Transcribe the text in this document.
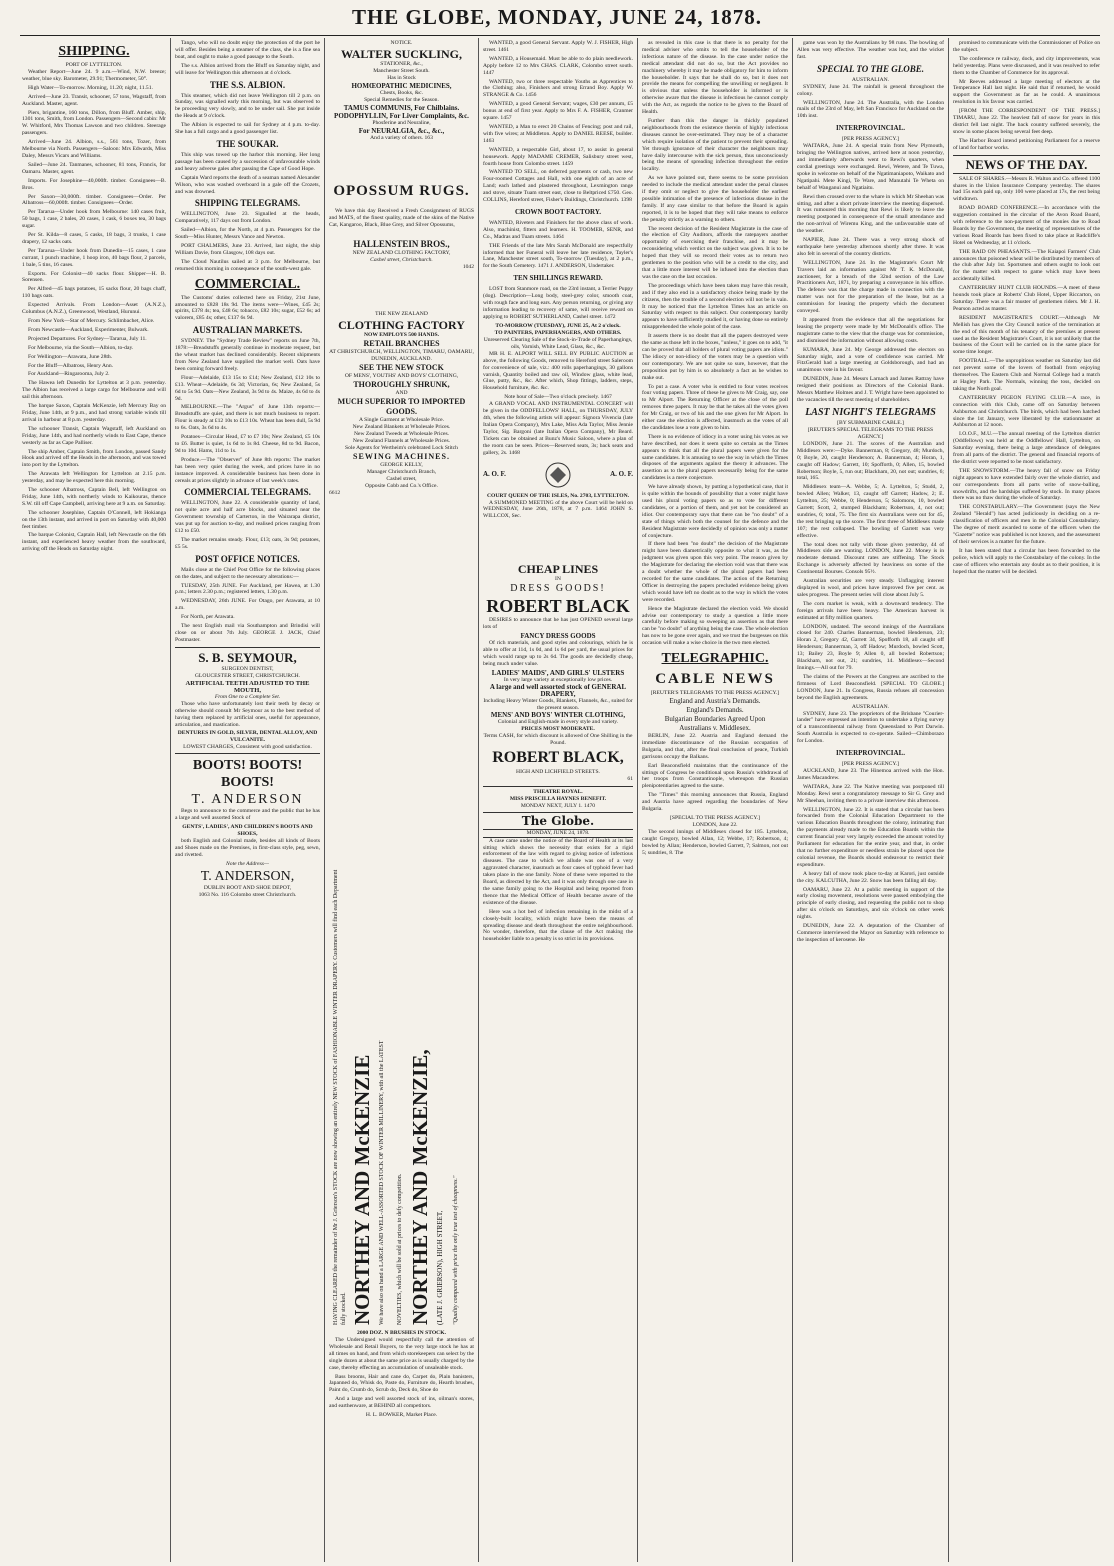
THE GLOBE, MONDAY, JUNE 24, 1878.
SHIPPING.
PORT OF LYTTELTON.

Weather Report—June 24. 9 a.m.—Wind, N.W. breeze; weather, blue sky. Barometer, 29.91; Thermometer, 50°.

High Water—To-morrow. Morning, 11.20; night, 11.51.

Arrived—June 23. Transit, schooner, 57 tons, Wagstaff, from Auckland. Master, agent.

Piers, brigantine, 160 tons, Dillon, from Bluff. Amber, ship, 1301 tons, Smith, from London. Passengers—Second cabin: Mr W. Whitford, Mrs Thomas Lawson and two children. Steerage passengers.

Arrived—June 24. Albion, s.s., 561 tons, Tozer, from Melbourne via North. Passengers—Saloon: Mrs Edwards, Miss Daley, Messrs Vicars and Williams.

Sailed—June 24. Tanmanes, schooner, 81 tons, Francis, for Oamaru. Master, agent.

Imports. For Josephine—40,000ft. timber. Consignees—B. Bros.

Per Saxon—30,000ft. timber. Consignees—Order. Per Albatross—60,000ft. timber. Consignees—Order.

Per Tararua—Under hook from Melbourne: 140 cases fruit, 50 bags, 1 case, 2 bales, 20 cases, 1 cask, 6 boxes tea, 30 bags sugar.

Per St. Kilda—8 cases, 5 casks, 18 bags, 3 trunks, 1 case drapery, 12 sacks oats.

Per Tararua—Under hook from Dunedin—15 cases, 1 case currant, 1 punch machine, 1 hoop iron, 40 bags flour, 2 parcels, 1 bale, 5 tins, 16 cases.

Exports. For Colonist—40 sacks flour. Shipper—H. B. Sorensen.

Per Alfred—45 bags potatoes, 15 sacks flour, 20 bags chaff, 110 bags oats.

Expected Arrivals. From London—Asset (A.N.Z.), Columbus (A.N.Z.), Greenwood, Westland, Hurunui.

From New York—Star of Mercury. Schlimbachet, Alice.

From Newcastle—Auckland, Experimenter, Bulwark.

Projected Departures. For Sydney—Tararua, July 11.

For Melbourne, via the South—Albion, to-day.

For Wellington—Arawata, June 28th.

For the Bluff—Albatross, Henry Ann.

For Auckland—Ringarooma, July 2.

The Hawea left Dunedin for Lyttelton at 3 p.m. yesterday. The Albion has received a large cargo for Melbourne and will sail this afternoon.

The barque Saxon, Captain McKenzie, left Mercury Bay on Friday, June 14th, at 9 p.m., and had strong variable winds till arrival in harbour at 8 p.m. yesterday.

The schooner Transit, Captain Wagstaff, left Auckland on Friday, June 14th, and had northerly winds to East Cape, thence westerly as far as Cape Palliser.

The ship Amber, Captain Smith, from London, passed Sandy Hook and arrived off the Heads in the afternoon, and was towed into port by the Lyttelton.

The Arawata left Wellington for Lyttelton at 2.15 p.m. yesterday, and may be expected here this morning.

The schooner Albatross, Captain Bell, left Wellington on Friday, June 14th, with northerly winds to Kaikouras, thence S.W. till off Cape Campbell, arriving here at 9 a.m. on Saturday.

The schooner Josephine, Captain O'Connell, left Hokianga on the 13th instant, and arrived in port on Saturday with 40,000 feet timber.

The barque Colonist, Captain Hall, left Newcastle on the 6th instant, and experienced heavy weather from the southward, arriving off the Heads on Saturday night.

Tango, who will no doubt enjoy the protection of the port he will offer. Besides being a steamer of the class, she is a fine sea boat, and ought to make a good passage to the South.

The s.s. Albion arrived from the Bluff on Saturday night, and will leave for Wellington this afternoon at 4 o'clock.

THE S.S. ALBION.

This steamer, which did not leave Wellington till 2 p.m. on Sunday, was signalled early this morning, but was observed to be proceeding very slowly, and to be under sail. She put inside the Heads at 9 o'clock.

The Albion is expected to sail for Sydney at 4 p.m. to-day. She has a full cargo and a good passenger list.

THE SOUKAR.

This ship was towed up the harbor this morning. Her long passage has been caused by a succession of unfavourable winds and heavy adverse gales after passing the Cape of Good Hope.

Captain Ward reports the death of a seaman named Alexander Wilson, who was washed overboard in a gale off the Crozets, and was drowned.

SHIPPING TELEGRAMS.

WELLINGTON, June 23. Signalled at the heads, Comparatively, 117 days out from London.

Sailed—Albion, for the North, at 4 p.m. Passengers for the South—Miss Hunter, Messrs Vance and Newton.

PORT CHALMERS, June 23. Arrived, last night, the ship William Davie, from Glasgow, 108 days out.

The Cloud Nautilus sailed at 3 p.m. for Melbourne, but returned this morning in consequence of the south-west gale.

COMMERCIAL.

The Customs' duties collected here on Friday, 21st June, amounted to £828 18s 9d. The items were—Wines, £45 2s; spirits, £378 4s; tea, £48 6s; tobacco, £82 10s; sugar, £52 6s; ad valorem, £85 4s; other, £137 6s 9d.

AUSTRALIAN MARKETS.

SYDNEY. The "Sydney Trade Review" reports on June 7th, 1878:—Breadstuffs generally continue in moderate request, but the wheat market has declined considerably. Recent shipments from New Zealand have supplied the market well. Oats have been coming forward freely.

Flour—Adelaide, £13 15s to £14; New Zealand, £12 10s to £13. Wheat—Adelaide, 6s 3d; Victorian, 6s; New Zealand, 5s 6d to 5s 9d. Oats—New Zealand, 3s 9d to 4s. Maize, 4s 6d to 4s 9d.

MELBOURNE.—The "Argus" of June 13th reports:—Breadstuffs are quiet, and there is not much business to report. Flour is steady at £12 10s to £13 10s. Wheat has been dull, 5s 9d to 6s. Oats, 3s 6d to 4s.

Potatoes—Circular Head, £7 to £7 10s; New Zealand, £5 10s to £6. Butter is quiet, 1s 6d to 1s 8d. Cheese, 8d to 9d. Bacon, 9d to 10d. Hams, 11d to 1s.

Produce.—The "Observer" of June 8th reports: The market has been very quiet during the week, and prices have in no instance improved. A considerable business has been done in cereals at prices slightly in advance of last week's rates.

COMMERCIAL TELEGRAMS.

WELLINGTON, June 22. A considerable quantity of land, not quite acre and half acre blocks, and situated near the Government township of Carterton, in the Wairarapa district, was put up for auction to-day, and realised prices ranging from £12 to £50.

The market remains steady. Flour, £13; oats, 3s 9d; potatoes, £5 5s.

POST OFFICE NOTICES.

Mails close at the Chief Post Office for the following places on the dates, and subject to the necessary alterations:—

TUESDAY, 25th JUNE. For Auckland, per Hawea, at 1.30 p.m.; letters 2.30 p.m.; registered letters, 1.30 p.m.

WEDNESDAY, 26th JUNE. For Otago, per Arawata, at 10 a.m.

For North, per Arawata.

The next English mail via Southampton and Brindisi will close on or about 7th July. GEORGE J. JACK, Chief Postmaster.

S. B. SEYMOUR,
SURGEON DENTIST,
GLOUCESTER STREET, CHRISTCHURCH.
ARTIFICIAL TEETH ADJUSTED TO THE MOUTH,
From One to a Complete Set.

Those who have unfortunately lost their teeth by decay or otherwise should consult Mr Seymour as to the best method of having them replaced by artificial ones, useful for appearance, articulation, and mastication.

DENTURES IN GOLD, SILVER, DENTAL ALLOY, AND VULCANITE.
LOWEST CHARGES, Consistent with good satisfaction.
BOOTS! BOOTS! BOOTS!
T. ANDERSON

Begs to announce to the commerce and the public that he has a large and well assorted Stock of

GENTS', LADIES', AND CHILDREN'S BOOTS AND SHOES,

both English and Colonial made, besides all kinds of Boots and Shoes made on the Premises, in first-class style, peg, sewn, and rivetted.

Note the Address—
T. ANDERSON,
DUBLIN BOOT AND SHOE DEPOT,
1063 No. 116 Colombo street Christchurch.
NOTICE.
WALTER SUCKLING,
STATIONER, &c.,
Manchester Street South.
Has in Stock
HOMŒOPATHIC MEDICINES,
Chests, Books, &c.
Special Remedies for the Season.
TAMUS COMMUNIS, For Chilblains.
PODOPHYLLIN, For Liver Complaints, &c.
Phosferine and Neuraline,
For NEURALGIA, &c., &c.,
And a variety of others. 163
OPOSSUM RUGS.

We have this day Received a Fresh Consignment of RUGS and MATS, of the finest quality, made of the skins of the Native Cat, Kangaroo, Black, Blue Grey, and Silver Opossums,

HALLENSTEIN BROS.,
NEW ZEALAND CLOTHING FACTORY,
Cashel street, Christchurch.
1042
THE NEW ZEALAND
CLOTHING FACTORY
NOW EMPLOYS 500 HANDS.
RETAIL BRANCHES
AT CHRISTCHURCH, WELLINGTON, TIMARU, OAMARU, DUNEDIN, AUCKLAND.
SEE THE NEW STOCK
OF MENS', YOUTHS' AND BOYS' CLOTHING,
THOROUGHLY SHRUNK,
AND
MUCH SUPERIOR TO IMPORTED GOODS.
A Single Garment at Wholesale Price.
New Zealand Blankets at Wholesale Prices.
New Zealand Tweeds at Wholesale Prices.
New Zealand Flannels at Wholesale Prices.
Sole Agents for Wertheim's celebrated Lock Stitch
SEWING MACHINES.
GEORGE KELLY,
Manager Christchurch Branch,
Cashel street,
Opposite Cobb and Co.'s Office.
6612
HAVING CLEARED the remainder of Mr J. Grierson's STOCK are now showing an entirely NEW STOCK of FASHIONABLE WINTER DRAPERY. Customers will find each Department fully stocked. NORTHEY AND McKENZIE We have also on hand a LARGE AND WELL-ASSORTED STOCK OF WINTER MILLINERY, with all the LATEST	NOVELTIES, which will be sold at prices to defy competition. NORTHEY AND McKENZIE, (LATE J. GRIERSON), HIGH STREET, "Quality compared with price the only true test of cheapness."
2000 DOZ. N BRUSHES IN STOCK.

The Undersigned would respectfully call the attention of Wholesale and Retail Buyers, to the very large stock he has at all times on hand, and from which storekeepers can select by the single dozen at about the same price as is usually charged by the case, thereby effecting an accumulation of unsaleable stock.

Bass brooms, Hair and cane do, Carpet do, Plain banisters, Japanned do, Whisk do, Paste do, Furniture do, Hearth brushes, Paint do, Crumb do, Scrub do, Deck do, Shoe do

And a large and well assorted stock of ins, oilman's stores, and earthenware, at BEHIND all competitors.

H. L. BOWKER, Market Place.

WANTED, a good General Servant. Apply W. J. FISHER, High street. 1461

WANTED, a Housemaid. Must be able to do plain needlework. Apply before 12 to Mrs CHAS. CLARK, Colombo street south. 1447

WANTED, two or three respectable Youths as Apprentices to the Clothing; also, Finishers and strong Errand Boy. Apply W. STRANGE & Co. 1456

WANTED, a good General Servant; wages, £30 per annum, £5 bonus at end of first year. Apply to Mrs F. A. FISHER, Cranmer square. 1457

WANTED, a Man to erect 20 Chains of Fencing; post and rail, with five wires; at Middleton. Apply to DANIEL REESE, builder. 1463

WANTED, a respectable Girl, about 17, to assist in general housework. Apply MADAME CREMER, Salisbury street west, fourth house from Colombo street. 1459

WANTED TO SELL, on deferred payments or cash, two new Four-roomed Cottages and Hall, with one eighth of an acre of Land; each lathed and plastered throughout, Lexmington range and stove, situate Tuam street east, close to Beltpriced £750. Geo. COLLINS, Hereford street, Fisher's Buildings, Christchurch. 1398

CROWN BOOT FACTORY.

WANTED, Riveters and Finishers for the above class of work. Also, machinist, fitters and learners. H. TOOMER, SENR, and Co., Madras and Tuam streets. 1464

THE Friends of the late Mrs Sarah McDonald are respectfully informed that her Funeral will leave her late residence, Tayler's Lane, Manchester street south, To-morrow (Tuesday), at 2 p.m., for the South Cemetery. 1471 J. ANDERSON, Undertaker.

TEN SHILLINGS REWARD.

LOST from Stanmore road, on the 23rd instant, a Terrier Puppy (dog). Description—Long body, steel-grey color, smooth coat, with rough face and long ears. Any person returning, or giving any information leading to recovery of same, will receive reward on applying to ROBERT SUTHERLAND, Cashel street. 1472

TO-MORROW (TUESDAY), JUNE 25, At 2 o'clock.
TO PAINTERS, PAPERHANGERS, AND OTHERS.
Unreserved Clearing Sale of the Stock-in-Trade of Paperhangings, oils, Varnish, White Lead, Glass, &c., &c.

MR H. E. ALPORT WILL SELL BY PUBLIC AUCTION at above, the following Goods, removed to Hereford street Saleroom for convenience of sale, viz.: 400 rolls paperhangings, 30 gallons varnish, Quantity boiled and raw oil, Window glass, white lead, Glue, putty, &c., &c. After which, Shop fittings, ladders, steps, Household furniture, &c. &c.

Note hour of Sale—Two o'clock precisely. 1467

A GRAND VOCAL AND INSTRUMENTAL CONCERT will be given in the ODDFELLOWS' HALL, on THURSDAY, JULY 4th, when the following artists will appear: Signora Vivencia (late Italian Opera Company), Mrs Lake, Miss Ada Taylor, Miss Jennie Taylor, Sig. Bargoni (late Italian Opera Company), Mr Beard. Tickets can be obtained at Bunz's Music Saloon, where a plan of the room can be seen. Prices—Reserved seats, 3s; back seats and gallery, 2s. 1468

A. O. F.	A. O. F.
COURT QUEEN OF THE ISLES, No. 2703, LYTTELTON.

A SUMMONED MEETING of the above Court will be held on WEDNESDAY, June 26th, 1878, at 7 p.m. 1464 JOHN S. WILLCOX, Sec.

CHEAP LINES
IN
DRESS GOODS!
ROBERT BLACK

DESIRES to announce that he has just OPENED several large lots of

FANCY DRESS GOODS

Of rich materials, and good styles and colourings, which he is able to offer at 11d, 1s 0d, and 1s 6d per yard, the usual prices for which would range up to 2s 6d. The goods are decidedly cheap, being much under value.

LADIES' MAIDS', AND GIRLS' ULSTERS
In very large variety at exceptionally low prices.
A large and well assorted stock of GENERAL DRAPERY,
Including Heavy Winter Goods, Blankets, Flannels, &c., suited for the present season.
MENS' AND BOYS' WINTER CLOTHING,
Colonial and English-made in every style and variety.
PRICES MOST MODERATE.
Terms CASH, for which discount is allowed of One Shilling in the Pound.
ROBERT BLACK,
HIGH AND LICHFIELD STREETS.
61
THEATRE ROYAL.
MISS PRISCILLA HAYNES BENEFIT.
MONDAY NEXT, JULY 1. 1470
The Globe.
MONDAY, JUNE 24, 1878.

A case came under the notice of the Board of Health at its last sitting which shows the necessity that exists for a rigid enforcement of the law with regard to giving notice of infectious diseases. The case to which we allude was one of a very aggravated character, inasmuch as four cases of typhoid fever had taken place in the one family. None of these were reported to the Board, as directed by the Act, and it was only through one case in the same family going to the Hospital and being reported from thence that the Medical Officer of Health became aware of the existence of the disease.

Here was a hot bed of infection remaining in the midst of a closely-built locality, which might have been the means of spreading disease and death throughout the entire neighbourhood. No wonder, therefore, that the clause of the Act making the householder liable to a penalty is so strict in its provisions.

as revealed in this case is that there is no penalty for the medical adviser who omits to tell the householder of the infectious nature of the disease. In the case under notice the medical attendant did not do so, but the Act provides no machinery whereby it may be made obligatory for him to inform the householder. It says that he shall do so, but it does not provide the means for compelling the unwilling or negligent. It is obvious that unless the householder is informed or is otherwise aware that the disease is infectious he cannot comply with the Act, as regards the notice to be given to the Board of Health.

Further than this the danger in thickly populated neighbourhoods from the existence therein of highly infectious diseases cannot be over-estimated. They may be of a character which require isolation of the patient to prevent their spreading. Yet through ignorance of their character the neighbours may have daily intercourse with the sick person, thus unconsciously being the means of spreading infection throughout the entire locality.

As we have pointed out, there seems to be some provision needed to include the medical attendant under the penal clauses if they omit or neglect to give the householder the earliest possible intimation of the presence of infectious disease in the family. If any case similar to that before the Board is again reported, it is to be hoped that they will take means to enforce the penalty strictly as a warning to others.

The recent decision of the Resident Magistrate in the case of the election of City Auditors, affords the ratepayers another opportunity of exercising their franchise, and it may be reconsidering which verdict on the subject was given. It is to be hoped that they will so record their votes as to return two gentlemen to the position who will be a credit to the city, and that a little more interest will be infused into the election than was the case on the last occasion.

The proceedings which have been taken may have this result, and if they also end in a satisfactory choice being made by the citizens, then the trouble of a second election will not be in vain. It may be noticed that the Lyttelton Times has an article on Saturday with respect to this subject. Our contemporary hardly appears to have sufficiently studied it, or having done so entirely misapprehended the whole point of the case.

It asserts there is no doubt that all the papers destroyed were the same as those left in the boxes, "unless," it goes on to add, "it can be proved that all holders of plural voting papers are idiots." The idiocy or non-idiocy of the voters may be a question with our contemporary. We are not quite so sure, however, that the proposition put by him is so absolutely a fact as he wishes to make out.

To put a case. A voter who is entitled to four votes receives four voting papers. Three of these he gives to Mr Craig, say, one to Mr Alport. The Returning Officer at the close of the poll removes three papers. It may be that he takes all the votes given for Mr Craig, or two of his and the one given for Mr Alport. In either case the election is affected, inasmuch as the votes of all the candidates lose a vote given to him.

There is no evidence of idiocy in a voter using his votes as we have described, nor does it seem quite so certain as the Times appears to think that all the plural papers were given for the same candidates. It is amusing to see the way in which the Times disposes of the arguments against the theory it advances. The assertion as to the plural papers necessarily being for the same candidates is a mere conjecture.

We have already shown, by putting a hypothetical case, that it is quite within the bounds of possibility that a voter might have used his plural voting papers so as to vote for different candidates, or a portion of them, and yet not be considered an idiot. Our contemporary says that there can be "no doubt" of a state of things which both the counsel for the defence and the Resident Magistrate were decidedly of opinion was only a matter of conjecture.

If there had been "no doubt" the decision of the Magistrate might have been diametrically opposite to what it was, as the judgment was given upon this very point. The reason given by the Magistrate for declaring the election void was that there was a doubt whether the whole of the plural papers had been recorded for the same candidates. The action of the Returning Officer in destroying the papers precluded evidence being given which would have left no doubt as to the way in which the votes were recorded.

Hence the Magistrate declared the election void. We should advise our contemporary to study a question a little more carefully before making so sweeping an assertion as that there can be "no doubt" of anything being the case. The whole election has now to be gone over again, and we trust the burgesses on this occasion will make a wise choice in the two men elected.

TELEGRAPHIC.
CABLE NEWS
[REUTER'S TELEGRAMS TO THE PRESS AGENCY.]
England and Austria's Demands.
England's Demands.
Bulgarian Boundaries Agreed Upon
Australians v. Middlesex.

BERLIN, June 22. Austria and England demand the immediate discontinuance of the Russian occupation of Bulgaria, and that, after the final conclusion of peace, Turkish garrisons occupy the Balkans.

Earl Beaconsfield maintains that the continuance of the sittings of Congress be conditional upon Russia's withdrawal of her troops from Constantinople, whereupon the Russian plenipotentiaries agreed to the same.

The "Times" this morning announces that Russia, England and Austria have agreed regarding the boundaries of New Bulgaria.

[SPECIAL TO THE PRESS AGENCY.]
LONDON, June 22.

The second innings of Middlesex closed for 185. Lyttelton, caught Gregory, bowled Allan, 12; Webbe, 17; Robertson, 4; bowled by Allan; Henderson, bowled Garrett, 7; Salmon, not out 5; sundries, 8. The

game was won by the Australians by 98 runs. The bowling of Allen was very effective. The weather was hot, and the wicket fast.

SPECIAL TO THE GLOBE.
AUSTRALIAN.

SYDNEY, June 24. The rainfall is general throughout the colony.

WELLINGTON, June 24. The Australia, with the London mails of the 23rd of May, left San Francisco for Auckland on the 10th inst.

INTERPROVINCIAL.
[PER PRESS AGENCY.]

WAITARA, June 24. A special train from New Plymouth, bringing the Wellington natives, arrived here at noon yesterday, and immediately afterwards went to Rewi's quarters, when cordial greetings were exchanged. Rewi, Wetere, and Te Tuwa, spoke in welcome on behalf of the Ngatimaniapoto, Waikato and Ngatipahi. Mete Kingi, Te Ware, and Manutahi Te Wheta on behalf of Wanganui and Ngatiaitu.

Rewi then crossed over to the whare in which Mr Sheehan was sitting, and after a short private interview the meeting dispersed. It was rumoured this morning that Rewi is likely to leave the meeting postponed in consequence of the small attendance and the non-arrival of Wiremu King, and the unfavourable state of the weather.

NAPIER, June 24. There was a very strong shock of earthquake here yesterday afternoon shortly after three. It was also felt in several of the country districts.

WELLINGTON, June 24. In the Magistrate's Court Mr Travers laid an information against Mr T. K. McDonald, auctioneer, for a breach of the 32nd section of the Law Practitioners Act, 1871, by preparing a conveyance in his office. The defence was that the charge made in connection with the matter was not for the preparation of the lease, but as a commission for leasing the property which the document conveyed.

It appeared from the evidence that all the negotiations for leasing the property were made by Mr McDonald's office. The magistrate came to the view that the charge was for commission, and dismissed the information without allowing costs.

KUMARA, June 24. My George addressed the electors on Saturday night, and a vote of confidence was carried. Mr FitzGerald had a large meeting at Goldsborough, and had an unanimous vote in his favour.

DUNEDIN, June 24. Messrs Larnach and James Rattray have resigned their positions as Directors of the Colonial Bank. Messrs Matthew Holmes and J. T. Wright have been appointed to the vacancies till the next meeting of shareholders.

LAST NIGHT'S TELEGRAMS
[BY SUBMARINE CABLE.]
[REUTER'S SPECIAL TELEGRAMS TO THE PRESS AGENCY.]

LONDON, June 21. The scores of the Australian and Middlesex were:—Dyke. Bannerman, 8; Gregory, 48; Murdoch, 0; Boyle, 20, caught Henderson; A. Bannerman, 4; Horan, 1, caught off Hadow; Garrett, 10; Spofforth, 0; Allen, 15, bowled Robertson; Boyle, 5, run out; Blackham, 20, not out; sundries, 6; total, 165.

Middlesex team—A. Webbe, 5; A. Lyttelton, 5; Studd, 2, bowled Allen; Walker, 13, caught off Garrett; Hadow, 2; E. Lyttelton, 25; Webbe, 0; Henderson, 5; Salomons, 10, bowled Garrett; Scott, 2, stumped Blackham; Robertson, 4, not out; sundries, 6; total, 75. The first six Australians were out for 45, the rest bringing up the score. The first three of Middlesex made 107; the rest collapsed. The bowling of Garrett was very effective.

The total does not tally with those given yesterday, 44 of Middlesex side are wanting. LONDON, June 22. Money is in moderate demand. Discount rates are stiffening. The Stock Exchange is adversely affected by heaviness on some of the Continental Bourses. Consols 95½.

Australian securities are very steady. Unflagging interest displayed in wool, and prices have improved five per cent. as sales progress. The present series will close about July 5.

The corn market is weak, with a downward tendency. The foreign arrivals have been heavy. The American harvest is estimated at fifty million quarters.

LONDON, undated. The second innings of the Australians closed for 240. Charles Bannerman, bowled Henderson, 23; Horan 2, Gregory 42, Garrett 34, Spofforth 18, all caught off Henderson; Bannerman, 3, off Hadow; Murdoch, bowled Scott, 13; Bailey 23, Boyle 9; Allen 0, all bowled Robertson; Blackham, not out, 21; sundries, 14. Middlesex—Second Innings.—All out for 79.

The claims of the Powers at the Congress are ascribed to the firmness of Lord Beaconsfield. [SPECIAL TO GLOBE.] LONDON, June 21. In Congress, Russia refuses all concession beyond the English agreements.

AUSTRALIAN.

SYDNEY, June 23. The proprietors of the Brisbane "Courier-lander" have expressed an intention to undertake a flying survey of a transcontinental railway from Queensland to Port Darwin. South Australia is expected to co-operate. Sailed—Chimborazo for London.

INTERPROVINCIAL.
[PER PRESS AGENCY.]

AUCKLAND, June 23. The Hinemoa arrived with the Hon. James Macandrew.

WAITARA, June 22. The Native meeting was postponed till Monday. Rewi sent a congratulatory message to Sir G. Grey and Mr Sheehan, inviting them to a private interview this afternoon.

WELLINGTON, June 22. It is stated that a circular has been forwarded from the Colonial Education Department to the various Education Boards throughout the colony, intimating that the payments already made to the Education Boards within the current financial year very largely exceeded the amount voted by Parliament for education for the entire year, and that, in order that no further expenditure or needless strain be placed upon the colonial revenue, the Boards should endeavour to restrict their expenditure.

A heavy fall of snow took place to-day at Karori, just outside the city. KALCUTHA, June 22. Snow has been falling all day.

OAMARU, June 22. At a public meeting in support of the early closing movement, resolutions were passed embodying the principle of early closing, and requesting the public not to shop after six o'clock on Saturdays, and six o'clock on other week nights.

DUNEDIN, June 22. A deputation of the Chamber of Commerce interviewed the Mayor on Saturday with reference to the inspection of kerosene. He

promised to communicate with the Commissioner of Police on the subject.

The conference re railway, dock, and city improvements, was held yesterday. Plans were discussed, and it was resolved to refer them to the Chamber of Commerce for its approval.

Mr Reeves addressed a large meeting of electors at the Temperance Hall last night. He said that if returned, he would support the Government as far as he could. A unanimous resolution in his favour was carried.

[FROM THE CORRESPONDENT OF THE PRESS.] TIMARU, June 22. The heaviest fall of snow for years in this district fell last night. The back country suffered severely, the snow in some places being several feet deep.

The Harbor Board intend petitioning Parliament for a reserve of land for harbor works.

NEWS OF THE DAY.

SALE OF SHARES.—Messrs R. Walton and Co. offered 1100 shares in the Union Insurance Company yesterday. The shares had 15s each paid up, only 100 were placed at 17s, the rest being withdrawn.

ROAD BOARD CONFERENCE.—In accordance with the suggestion contained in the circular of the Avon Road Board, with reference to the non-payment of the monies due to Road Boards by the Government, the meeting of representatives of the various Road Boards has been fixed to take place at Radcliffe's Hotel on Wednesday, at 11 o'clock.

THE RAID ON PHEASANTS.—The Kaiapoi Farmers' Club announces that poisoned wheat will be distributed by members of the club after July 1st. Sportsmen and others ought to look out for the matter with respect to game which may have been accidentally killed.

CANTERBURY HUNT CLUB HOUNDS.—A meet of these hounds took place at Roberts' Club Hotel, Upper Riccarton, on Saturday. There was a fair muster of gentlemen riders. Mr J. H. Pearson acted as master.

RESIDENT MAGISTRATE'S COURT.—Although Mr Mellish has given the City Council notice of the termination at the end of this month of his tenancy of the premises at present used as the Resident Magistrate's Court, it is not unlikely that the business of the Court will be carried on in the same place for some time longer.

FOOTBALL.—The unpropitious weather on Saturday last did not prevent some of the lovers of football from enjoying themselves. The Eastern Club and Normal College had a match at Hagley Park. The Normals, winning the toss, decided on taking the North goal.

CANTERBURY PIGEON FLYING CLUB.—A race, in connection with this Club, came off on Saturday between Ashburton and Christchurch. The birds, which had been hatched since the 1st January, were liberated by the stationmaster at Ashburton at 12 noon.

I.O.O.F., M.U.—The annual meeting of the Lyttelton district (Oddfellows) was held at the Oddfellows' Hall, Lyttelton, on Saturday evening, there being a large attendance of delegates from all parts of the district. The general and financial reports of the district were reported to be most satisfactory.

THE SNOWSTORM.—The heavy fall of snow on Friday night appears to have extended fairly over the whole district, and our correspondents from all parts write of snow-balling, snowdrifts, and the hardships suffered by stock. In many places there was no thaw during the whole of Saturday.

THE CONSTABULARY.—The Government (says the New Zealand "Herald") has acted judiciously in deciding on a re-classification of officers and men in the Colonial Constabulary. The degree of merit awarded to some of the officers when the "Gazette" notice was published is not known, and the assessment of their services is a matter for the future.

It has been stated that a circular has been forwarded to the police, which will apply to the Constabulary of the colony. In the case of officers who entertain any doubt as to their position, it is hoped that the matter will be decided.
